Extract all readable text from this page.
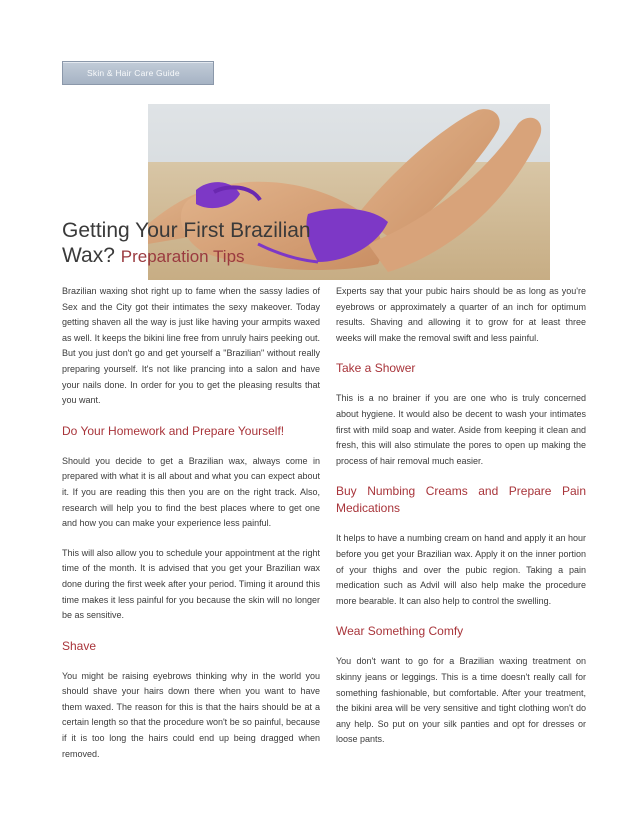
Skin & Hair Care Guide
Getting Your First Brazilian Wax? Preparation Tips

Brazilian waxing shot right up to fame when the sassy ladies of Sex and the City got their intimates the sexy makeover. Today getting shaven all the way is just like having your armpits waxed as well. It keeps the bikini line free from unruly hairs peeking out. But you just don't go and get yourself a "Brazilian" without really preparing yourself. It's not like prancing into a salon and have your nails done. In order for you to get the pleasing results that you want.

Do Your Homework and Prepare Yourself!

Should you decide to get a Brazilian wax, always come in prepared with what it is all about and what you can expect about it. If you are reading this then you are on the right track. Also, research will help you to find the best places where to get one and how you can make your experience less painful.

This will also allow you to schedule your appointment at the right time of the month. It is advised that you get your Brazilian wax done during the first week after your period. Timing it around this time makes it less painful for you because the skin will no longer be as sensitive.

Shave

You might be raising eyebrows thinking why in the world you should shave your hairs down there when you want to have them waxed. The reason for this is that the hairs should be at a certain length so that the procedure won't be so painful, because if it is too long the hairs could end up being dragged when removed.

Experts say that your pubic hairs should be as long as you're eyebrows or approximately a quarter of an inch for optimum results. Shaving and allowing it to grow for at least three weeks will make the removal swift and less painful.

Take a Shower

This is a no brainer if you are one who is truly concerned about hygiene. It would also be decent to wash your intimates first with mild soap and water. Aside from keeping it clean and fresh, this will also stimulate the pores to open up making the process of hair removal much easier.

Buy Numbing Creams and Prepare Pain Medications

It helps to have a numbing cream on hand and apply it an hour before you get your Brazilian wax. Apply it on the inner portion of your thighs and over the pubic region. Taking a pain medication such as Advil will also help make the procedure more bearable. It can also help to control the swelling.

Wear Something Comfy

You don't want to go for a Brazilian waxing treatment on skinny jeans or leggings. This is a time doesn't really call for something fashionable, but comfortable. After your treatment, the bikini area will be very sensitive and tight clothing won't do any help. So put on your silk panties and opt for dresses or loose pants.
